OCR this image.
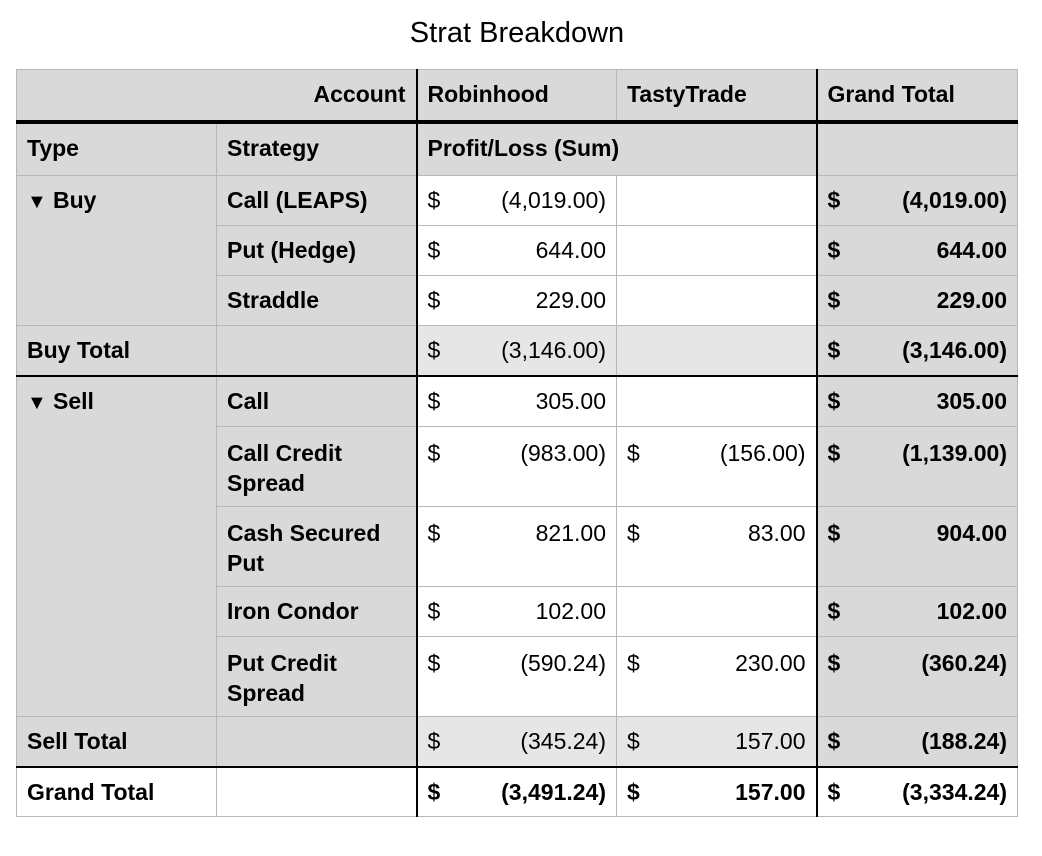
Strat Breakdown
Account		Robinhood	TastyTrade	Grand Total
Type	Strategy	Profit/Loss (Sum)		
▼ Buy	Call (LEAPS)	$ (4,019.00)		$ (4,019.00)

	Put (Hedge)	$ 644.00		$ 644.00

	Straddle	$ 229.00		$ 229.00

Buy Total		$ (3,146.00)		$ (3,146.00)

▼ Sell	Call	$ 305.00		$ 305.00

	Call Credit Spread	$ (983.00)	$ (156.00)	$ (1,139.00)

	Cash Secured Put	$ 821.00	$ 83.00	$ 904.00

	Iron Condor	$ 102.00		$ 102.00

	Put Credit Spread	$ (590.24)	$ 230.00	$ (360.24)

Sell Total		$ (345.24)	$ 157.00	$ (188.24)

Grand Total		$ (3,491.24)	$ 157.00	$ (3,334.24)
